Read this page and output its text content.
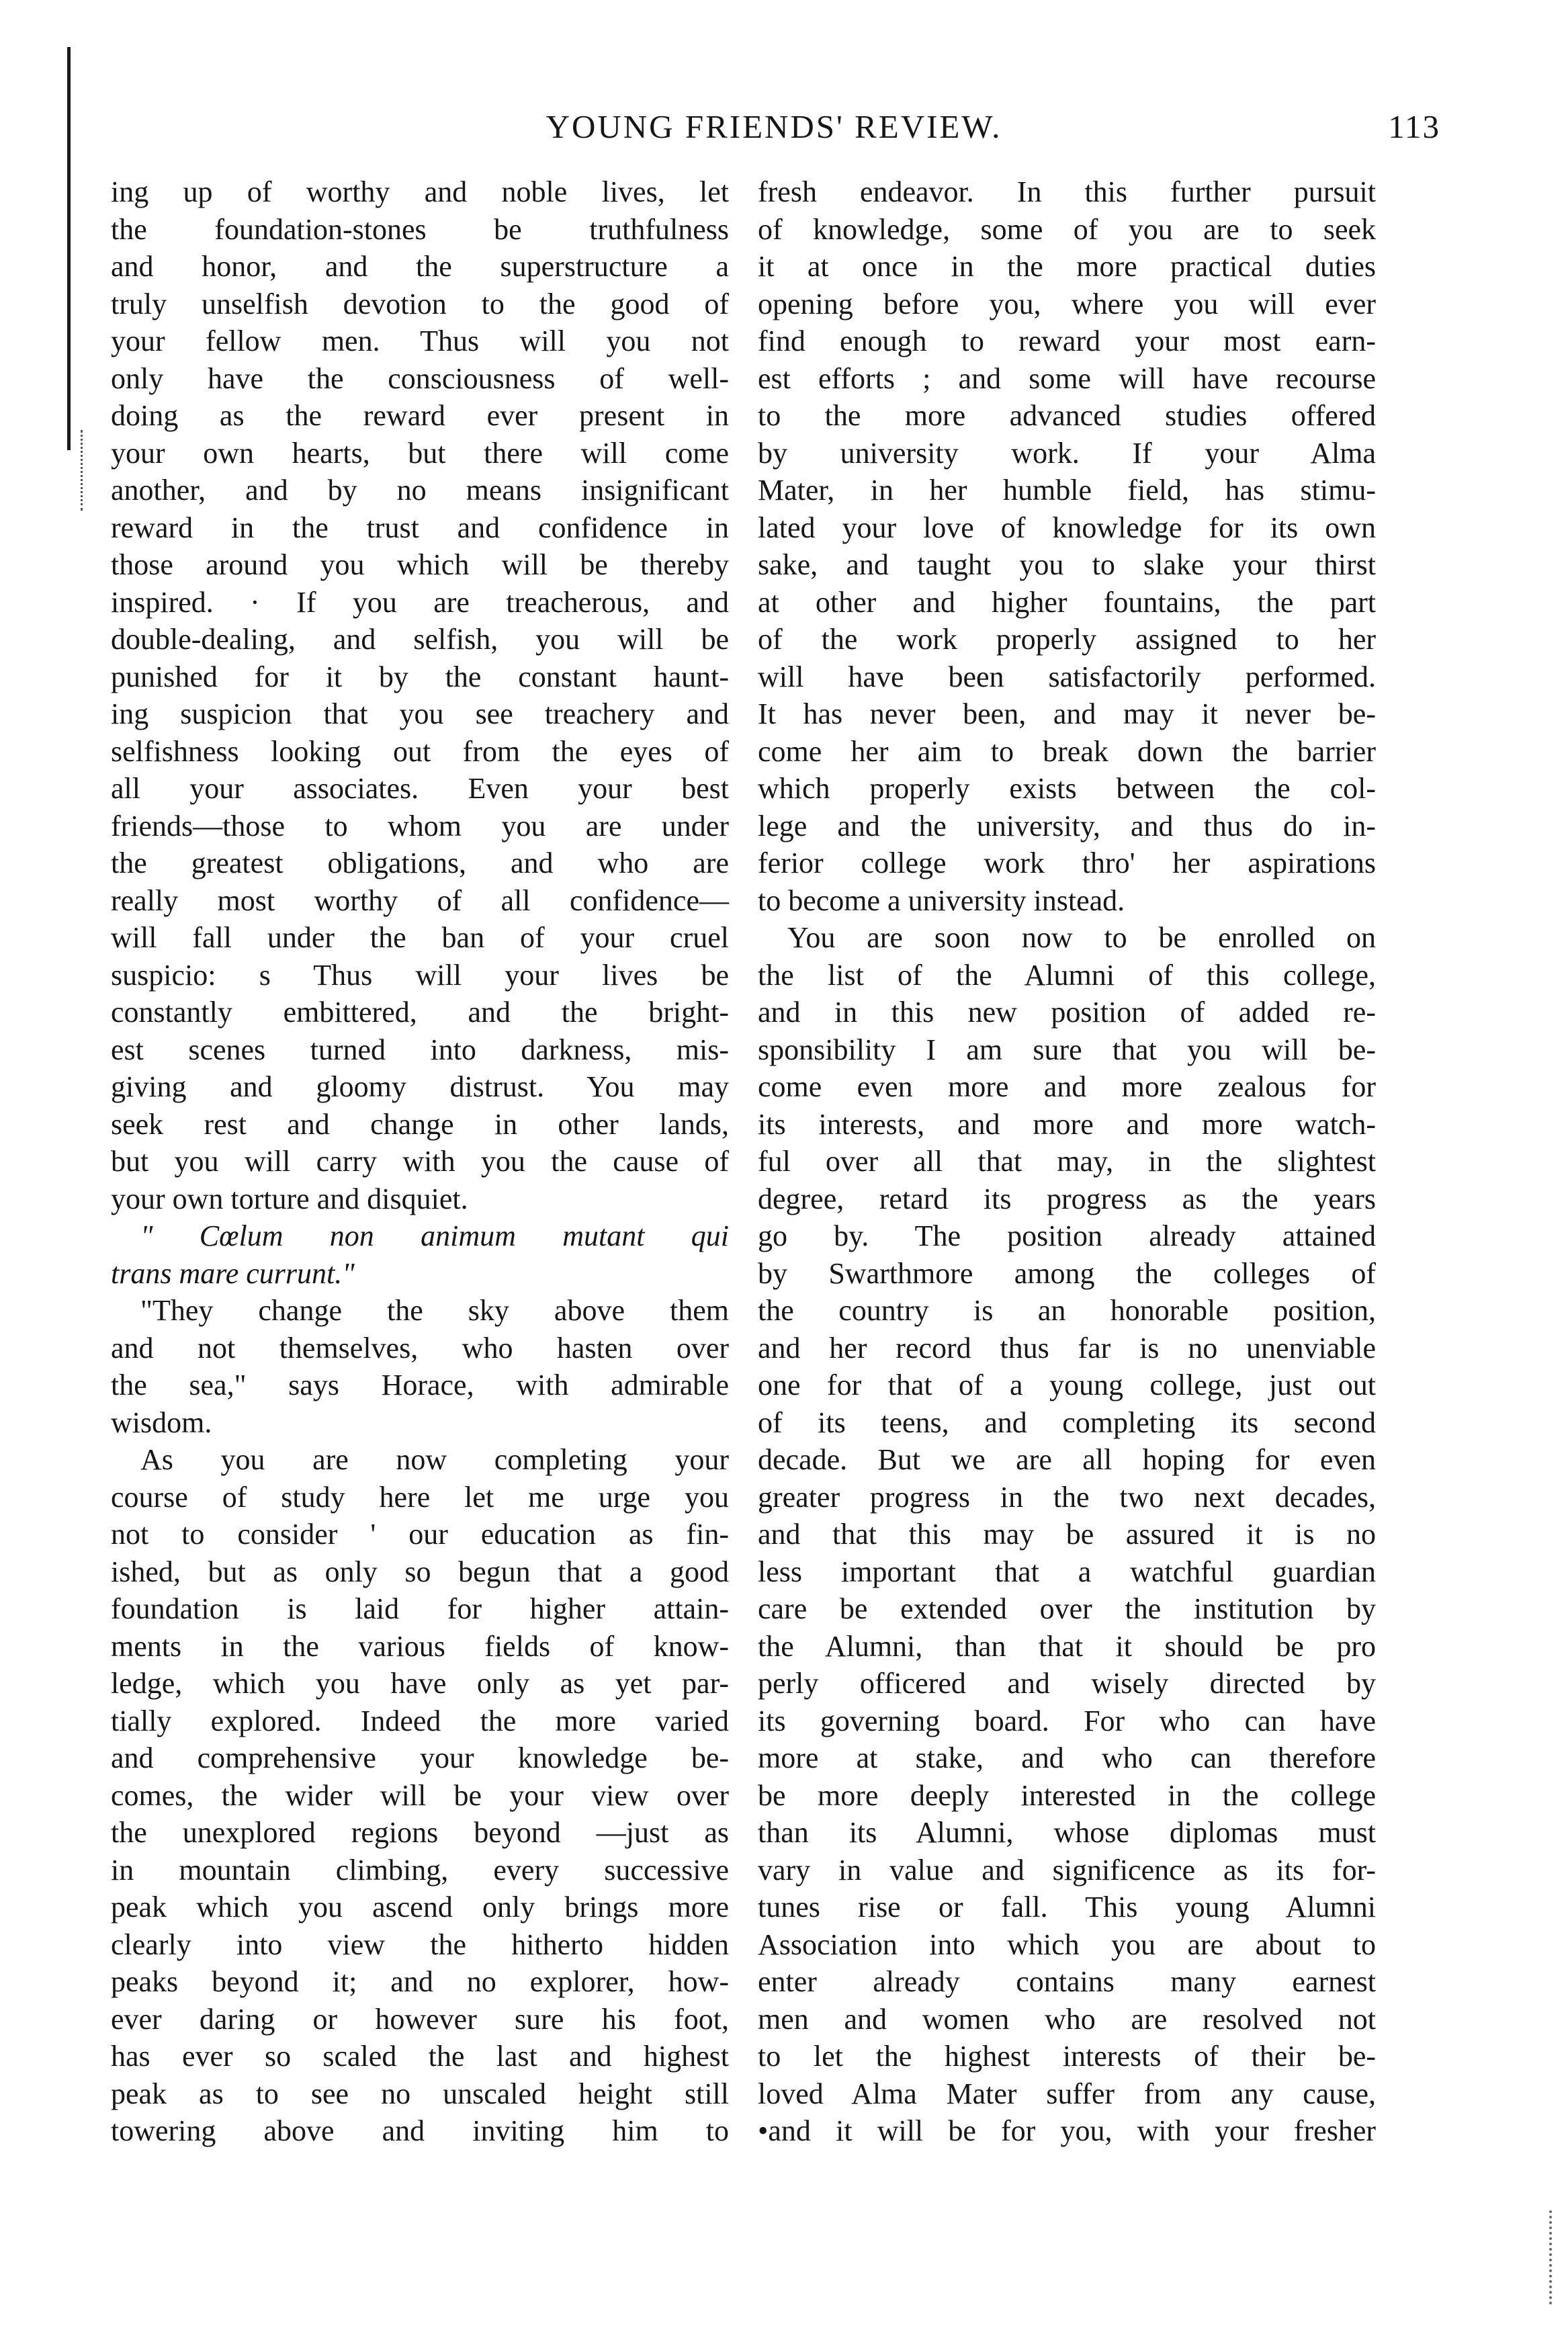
YOUNG FRIENDS' REVIEW.	113
ing up of worthy and noble lives, let
the foundation-stones be truthfulness
and honor, and the superstructure a
truly unselfish devotion to the good of
your fellow men. Thus will you not
only have the consciousness of well-
doing as the reward ever present in
your own hearts, but there will come
another, and by no means insignificant
reward in the trust and confidence in
those around you which will be thereby
inspired. · If you are treacherous, and
double-dealing, and selfish, you will be
punished for it by the constant haunt-
ing suspicion that you see treachery and
selfishness looking out from the eyes of
all your associates. Even your best
friends—those to whom you are under
the greatest obligations, and who are
really most worthy of all confidence—
will fall under the ban of your cruel
suspicio: s Thus will your lives be
constantly embittered, and the bright-
est scenes turned into darkness, mis-
giving and gloomy distrust. You may
seek rest and change in other lands,
but you will carry with you the cause of
your own torture and disquiet.
" Cœlum non animum mutant qui
trans mare currunt."
"They change the sky above them
and not themselves, who hasten over
the sea," says Horace, with admirable
wisdom.
As you are now completing your
course of study here let me urge you
not to consider ' our education as fin-
ished, but as only so begun that a good
foundation is laid for higher attain-
ments in the various fields of know-
ledge, which you have only as yet par-
tially explored. Indeed the more varied
and comprehensive your knowledge be-
comes, the wider will be your view over
the unexplored regions beyond —just as
in mountain climbing, every successive
peak which you ascend only brings more
clearly into view the hitherto hidden
peaks beyond it; and no explorer, how-
ever daring or however sure his foot,
has ever so scaled the last and highest
peak as to see no unscaled height still
towering above and inviting him to
fresh endeavor. In this further pursuit
of knowledge, some of you are to seek
it at once in the more practical duties
opening before you, where you will ever
find enough to reward your most earn-
est efforts ; and some will have recourse
to the more advanced studies offered
by university work. If your Alma
Mater, in her humble field, has stimu-
lated your love of knowledge for its own
sake, and taught you to slake your thirst
at other and higher fountains, the part
of the work properly assigned to her
will have been satisfactorily performed.
It has never been, and may it never be-
come her aim to break down the barrier
which properly exists between the col-
lege and the university, and thus do in-
ferior college work thro' her aspirations
to become a university instead.
You are soon now to be enrolled on
the list of the Alumni of this college,
and in this new position of added re-
sponsibility I am sure that you will be-
come even more and more zealous for
its interests, and more and more watch-
ful over all that may, in the slightest
degree, retard its progress as the years
go by. The position already attained
by Swarthmore among the colleges of
the country is an honorable position,
and her record thus far is no unenviable
one for that of a young college, just out
of its teens, and completing its second
decade. But we are all hoping for even
greater progress in the two next decades,
and that this may be assured it is no
less important that a watchful guardian
care be extended over the institution by
the Alumni, than that it should be pro
perly officered and wisely directed by
its governing board. For who can have
more at stake, and who can therefore
be more deeply interested in the college
than its Alumni, whose diplomas must
vary in value and significence as its for-
tunes rise or fall. This young Alumni
Association into which you are about to
enter already contains many earnest
men and women who are resolved not
to let the highest interests of their be-
loved Alma Mater suffer from any cause,
•and it will be for you, with your fresher
